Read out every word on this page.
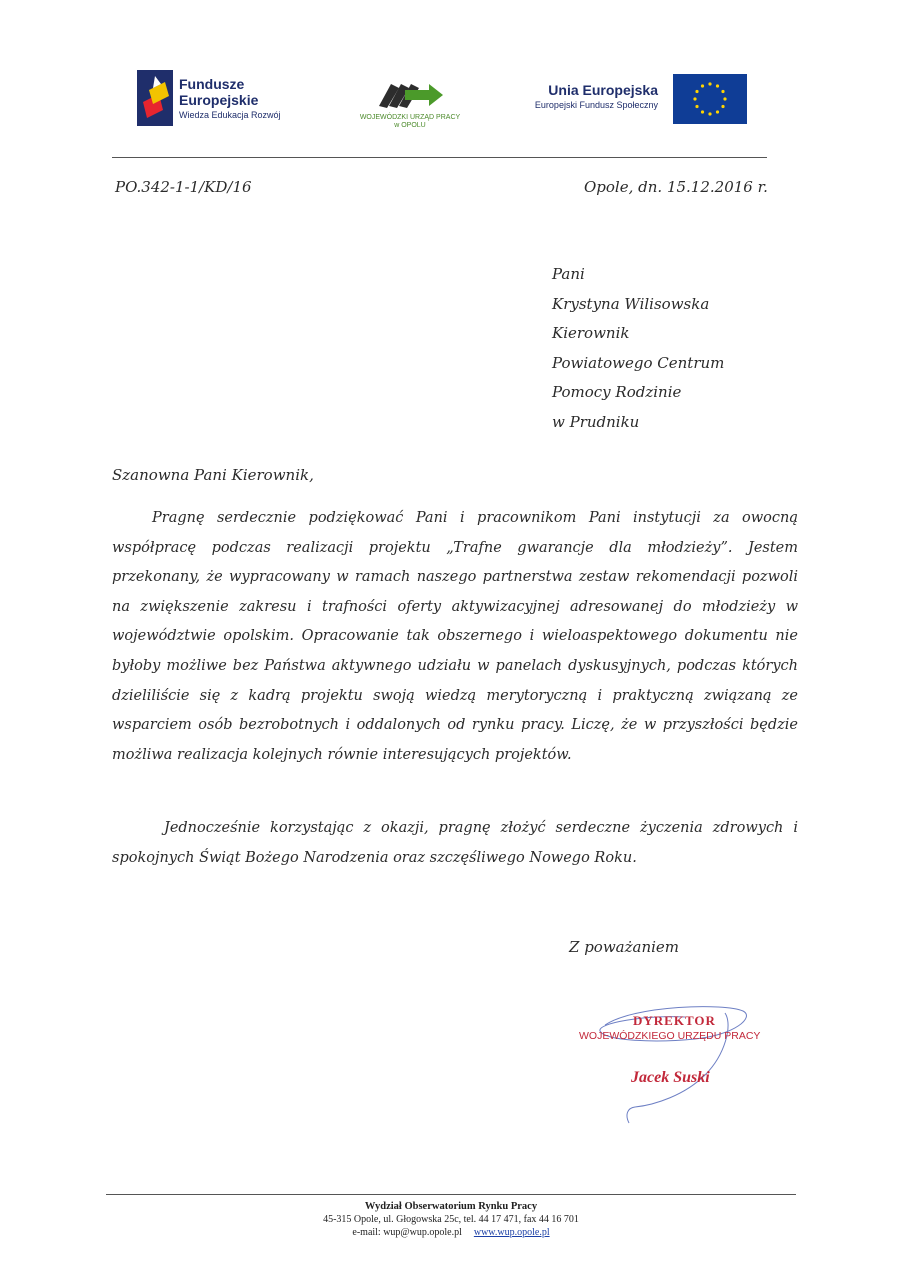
Fundusze
Europejskie
Wiedza Edukacja Rozwój	WOJEWÓDZKI URZĄD PRACY
w OPOLU
Unia Europejska
Europejski Fundusz Społeczny
PO.342-1-1/KD/16	Opole, dn. 15.12.2016 r.
Pani
Krystyna Wilisowska
Kierownik
Powiatowego Centrum
Pomocy Rodzinie
w Prudniku
Szanowna Pani Kierownik,
Pragnę serdecznie podziękować Pani i pracownikom Pani instytucji za owocną współpracę podczas realizacji projektu „Trafne gwarancje dla młodzieży”. Jestem przekonany, że wypracowany w ramach naszego partnerstwa zestaw rekomendacji pozwoli na zwiększenie zakresu i trafności oferty aktywizacyjnej adresowanej do młodzieży w województwie opolskim. Opracowanie tak obszernego i wieloaspektowego dokumentu nie byłoby możliwe bez Państwa aktywnego udziału w panelach dyskusyjnych, podczas których dzieliliście się z kadrą projektu swoją wiedzą merytoryczną i praktyczną związaną ze wsparciem osób bezrobotnych i oddalonych od rynku pracy. Liczę, że w przyszłości będzie możliwa realizacja kolejnych równie interesujących projektów.
Jednocześnie korzystając z okazji, pragnę złożyć serdeczne życzenia zdrowych i spokojnych Świąt Bożego Narodzenia oraz szczęśliwego Nowego Roku.
Z poważaniem
DYREKTOR
WOJEWÓDZKIEGO URZĘDU PRACY
Jacek Suski
Wydział Obserwatorium Rynku Pracy
45-315 Opole, ul. Głogowska 25c, tel. 44 17 471, fax 44 16 701
e-mail: wup@wup.opole.pl www.wup.opole.pl
